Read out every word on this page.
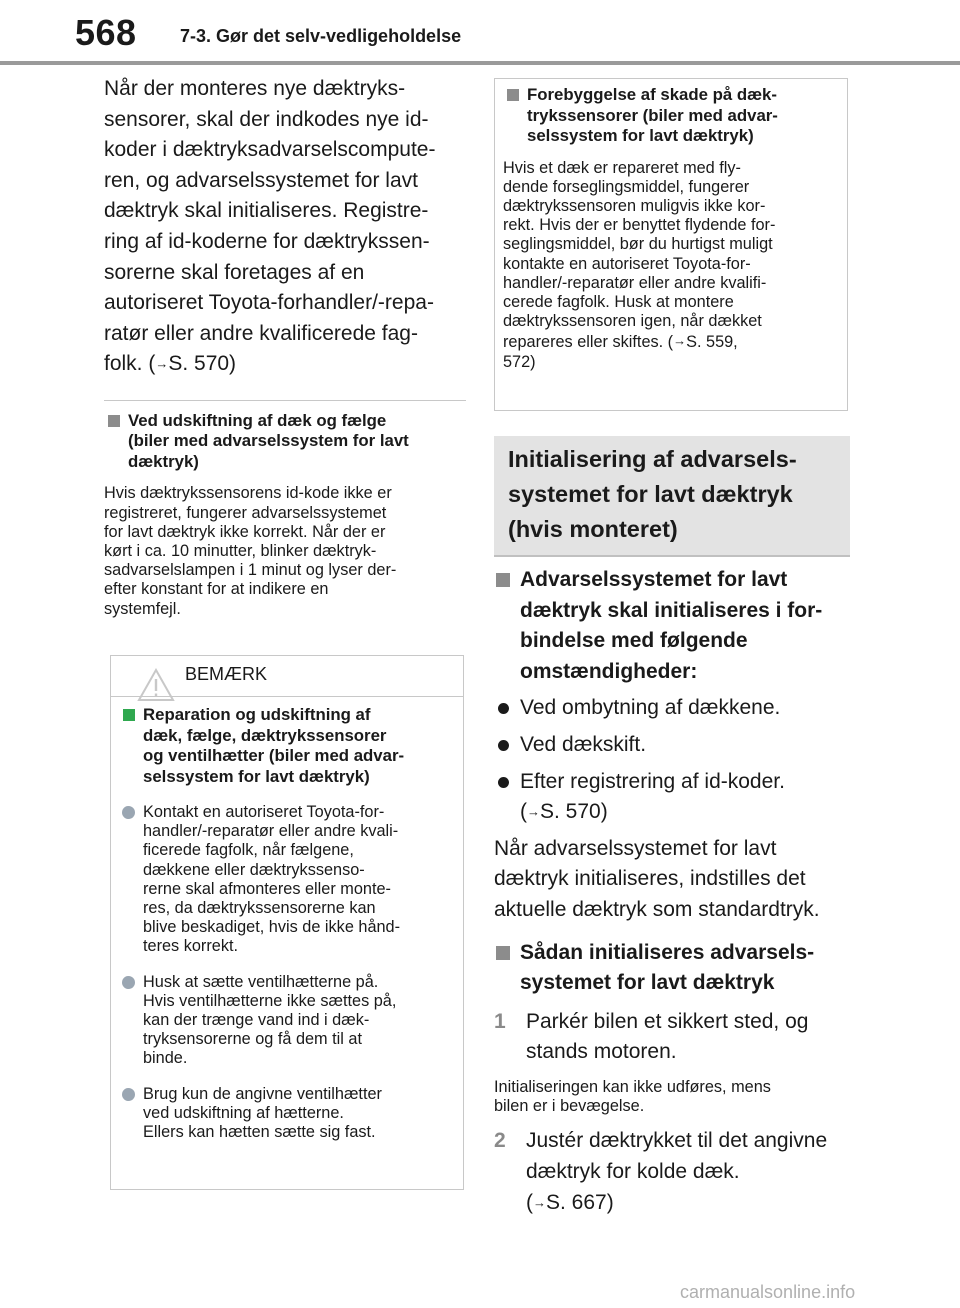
568 7-3. Gør det selv-vedligeholdelse
Når der monteres nye dæktryks-
sensorer, skal der indkodes nye id-
koder i dæktryksadvarselscompute-
ren, og advarselssystemet for lavt
dæktryk skal initialiseres. Registre-
ring af id-koderne for dæktrykssen-
sorerne skal foretages af en
autoriseret Toyota-forhandler/-repa-
ratør eller andre kvalificerede fag-
folk. (→S. 570)
Ved udskiftning af dæk og fælge
(biler med advarselssystem for lavt
dæktryk)
Hvis dæktrykssensorens id-kode ikke er
registreret, fungerer advarselssystemet
for lavt dæktryk ikke korrekt. Når der er
kørt i ca. 10 minutter, blinker dæktryk-
sadvarselslampen i 1 minut og lyser der-
efter konstant for at indikere en
systemfejl.
BEMÆRK
Reparation og udskiftning af
dæk, fælge, dæktrykssensorer
og ventilhætter (biler med advar-
selssystem for lavt dæktryk)
Kontakt en autoriseret Toyota-for-
handler/-reparatør eller andre kvali-
ficerede fagfolk, når fælgene,
dækkene eller dæktrykssenso-
rerne skal afmonteres eller monte-
res, da dæktrykssensorerne kan
blive beskadiget, hvis de ikke hånd-
teres korrekt.
Husk at sætte ventilhætterne på.
Hvis ventilhætterne ikke sættes på,
kan der trænge vand ind i dæk-
tryksensorerne og få dem til at
binde.
Brug kun de angivne ventilhætter
ved udskiftning af hætterne.
Ellers kan hætten sætte sig fast.
Forebyggelse af skade på dæk-
trykssensorer (biler med advar-
selssystem for lavt dæktryk)
Hvis et dæk er repareret med fly-
dende forseglingsmiddel, fungerer
dæktrykssensoren muligvis ikke kor-
rekt. Hvis der er benyttet flydende for-
seglingsmiddel, bør du hurtigst muligt
kontakte en autoriseret Toyota-for-
handler/-reparatør eller andre kvalifi-
cerede fagfolk. Husk at montere
dæktrykssensoren igen, når dækket
repareres eller skiftes. (→S. 559,
572)
Initialisering af advarsels-
systemet for lavt dæktryk
(hvis monteret)
Advarselssystemet for lavt
dæktryk skal initialiseres i for-
bindelse med følgende
omstændigheder:
Ved ombytning af dækkene.
Ved dækskift.
Efter registrering af id-koder.
(→S. 570)
Når advarselssystemet for lavt
dæktryk initialiseres, indstilles det
aktuelle dæktryk som standardtryk.
Sådan initialiseres advarsels-
systemet for lavt dæktryk
1 Parkér bilen et sikkert sted, og
stands motoren.
Initialiseringen kan ikke udføres, mens
bilen er i bevægelse.
2 Justér dæktrykket til det angivne
dæktryk for kolde dæk.
(→S. 667)
carmanualsonline.info
